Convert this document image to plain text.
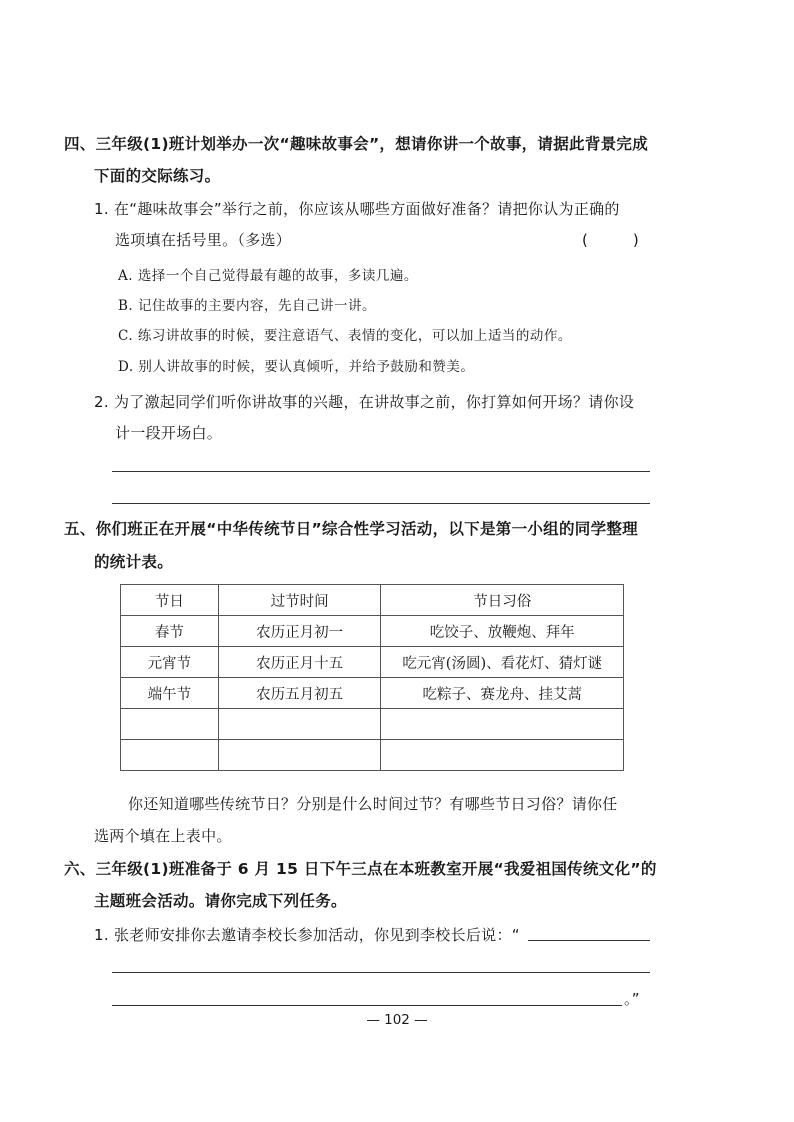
四、三年级(1)班计划举办一次“趣味故事会”，想请你讲一个故事，请据此背景完成
下面的交际练习。
1. 在“趣味故事会”举行之前，你应该从哪些方面做好准备？请把你认为正确的
选项填在括号里。（多选）	(　　　)
A. 选择一个自己觉得最有趣的故事，多读几遍。
B. 记住故事的主要内容，先自己讲一讲。
C. 练习讲故事的时候，要注意语气、表情的变化，可以加上适当的动作。
D. 别人讲故事的时候，要认真倾听，并给予鼓励和赞美。
2. 为了激起同学们听你讲故事的兴趣，在讲故事之前，你打算如何开场？请你设
计一段开场白。
五、你们班正在开展“中华传统节日”综合性学习活动，以下是第一小组的同学整理
的统计表。
节日	过节时间	节日习俗
春节	农历正月初一	吃饺子、放鞭炮、拜年
元宵节	农历正月十五	吃元宵(汤圆)、看花灯、猜灯谜
端午节	农历五月初五	吃粽子、赛龙舟、挂艾蒿

你还知道哪些传统节日？分别是什么时间过节？有哪些节日习俗？请你任
选两个填在上表中。
六、三年级(1)班准备于 6 月 15 日下午三点在本班教室开展“我爱祖国传统文化”的
主题班会活动。请你完成下列任务。
1. 张老师安排你去邀请李校长参加活动，你见到李校长后说：“
。”
— 102 —
